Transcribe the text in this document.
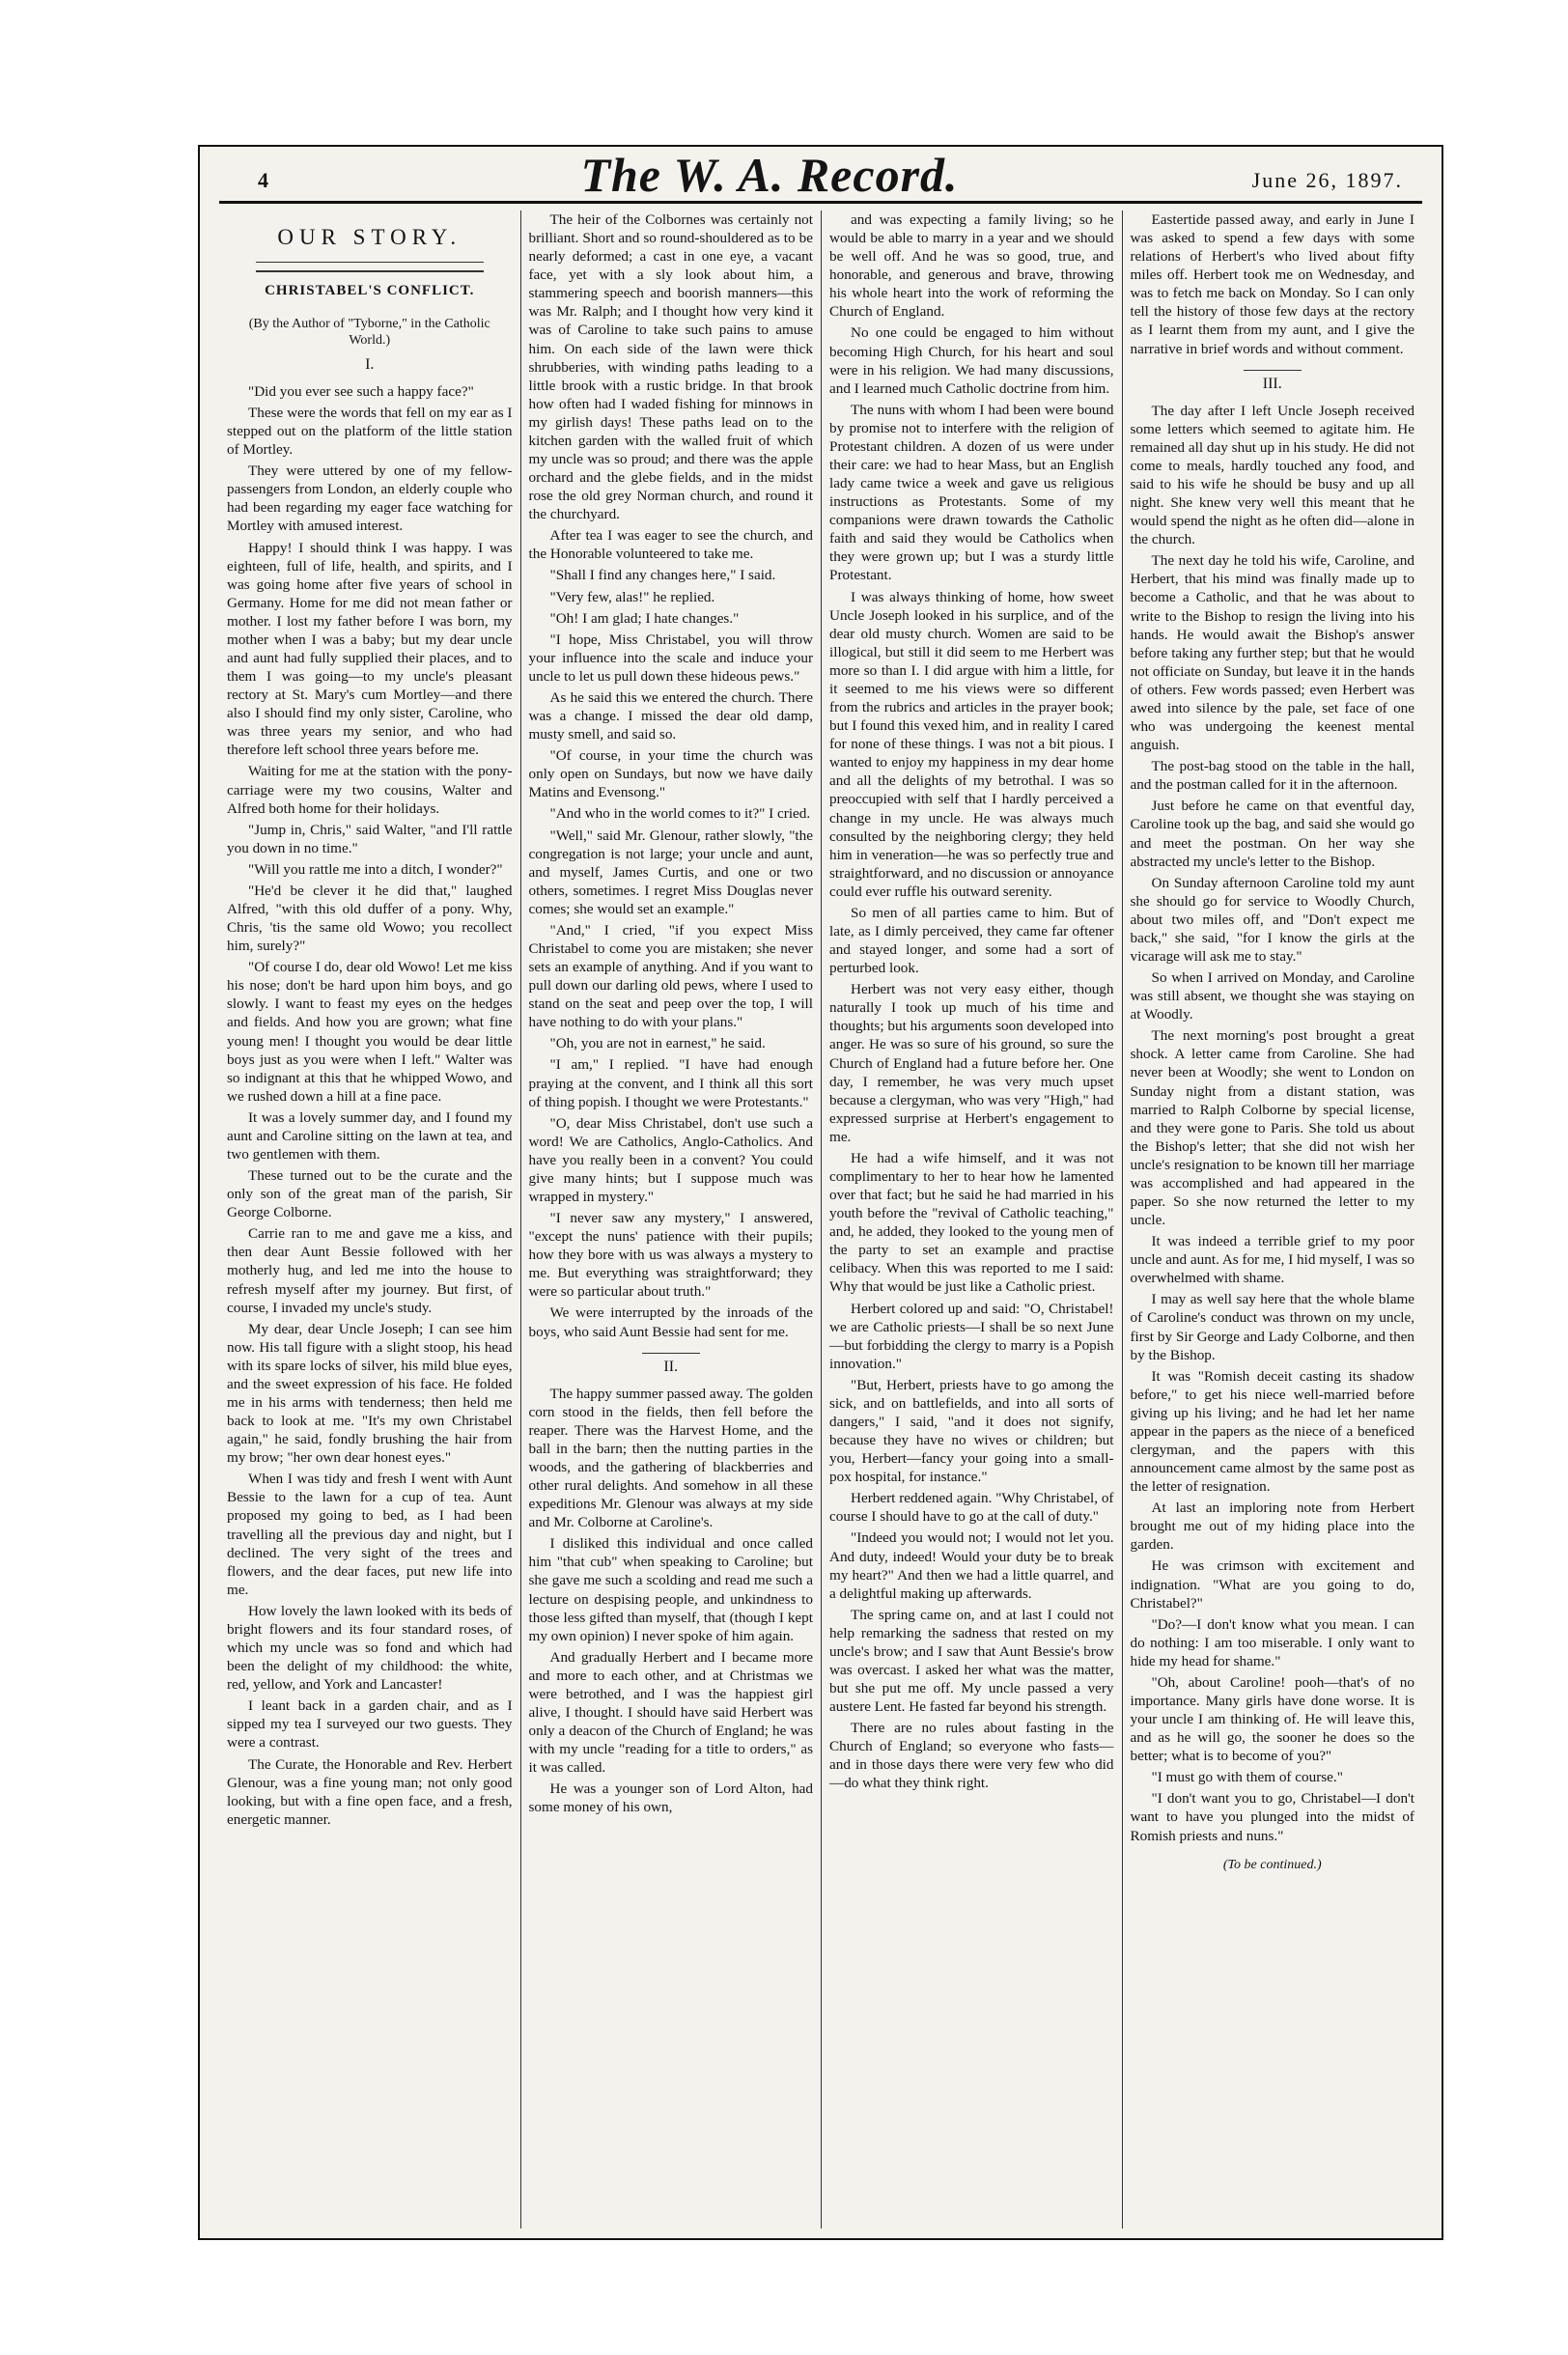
4	The W. A. Record.	June 26, 1897.
OUR STORY.
CHRISTABEL'S CONFLICT.
(By the Author of "Tyborne," in the Catholic World.)
I.

"Did you ever see such a happy face?"

These were the words that fell on my ear as I stepped out on the platform of the little station of Mortley.

They were uttered by one of my fellow-passengers from London, an elderly couple who had been regarding my eager face watching for Mortley with amused interest.

Happy! I should think I was happy. I was eighteen, full of life, health, and spirits, and I was going home after five years of school in Germany. Home for me did not mean father or mother. I lost my father before I was born, my mother when I was a baby; but my dear uncle and aunt had fully supplied their places, and to them I was going—to my uncle's pleasant rectory at St. Mary's cum Mortley—and there also I should find my only sister, Caroline, who was three years my senior, and who had therefore left school three years before me.

Waiting for me at the station with the pony-carriage were my two cousins, Walter and Alfred both home for their holidays.

"Jump in, Chris," said Walter, "and I'll rattle you down in no time."

"Will you rattle me into a ditch, I wonder?"

"He'd be clever it he did that," laughed Alfred, "with this old duffer of a pony. Why, Chris, 'tis the same old Wowo; you recollect him, surely?"

"Of course I do, dear old Wowo! Let me kiss his nose; don't be hard upon him boys, and go slowly. I want to feast my eyes on the hedges and fields. And how you are grown; what fine young men! I thought you would be dear little boys just as you were when I left." Walter was so indignant at this that he whipped Wowo, and we rushed down a hill at a fine pace.

It was a lovely summer day, and I found my aunt and Caroline sitting on the lawn at tea, and two gentlemen with them.

These turned out to be the curate and the only son of the great man of the parish, Sir George Colborne.

Carrie ran to me and gave me a kiss, and then dear Aunt Bessie followed with her motherly hug, and led me into the house to refresh myself after my journey. But first, of course, I invaded my uncle's study.

My dear, dear Uncle Joseph; I can see him now. His tall figure with a slight stoop, his head with its spare locks of silver, his mild blue eyes, and the sweet expression of his face. He folded me in his arms with tenderness; then held me back to look at me. "It's my own Christabel again," he said, fondly brushing the hair from my brow; "her own dear honest eyes."

When I was tidy and fresh I went with Aunt Bessie to the lawn for a cup of tea. Aunt proposed my going to bed, as I had been travelling all the previous day and night, but I declined. The very sight of the trees and flowers, and the dear faces, put new life into me.

How lovely the lawn looked with its beds of bright flowers and its four standard roses, of which my uncle was so fond and which had been the delight of my childhood: the white, red, yellow, and York and Lancaster!

I leant back in a garden chair, and as I sipped my tea I surveyed our two guests. They were a contrast.

The Curate, the Honorable and Rev. Herbert Glenour, was a fine young man; not only good looking, but with a fine open face, and a fresh, energetic manner.

The heir of the Colbornes was certainly not brilliant. Short and so round-shouldered as to be nearly deformed; a cast in one eye, a vacant face, yet with a sly look about him, a stammering speech and boorish manners—this was Mr. Ralph; and I thought how very kind it was of Caroline to take such pains to amuse him. On each side of the lawn were thick shrubberies, with winding paths leading to a little brook with a rustic bridge. In that brook how often had I waded fishing for minnows in my girlish days! These paths lead on to the kitchen garden with the walled fruit of which my uncle was so proud; and there was the apple orchard and the glebe fields, and in the midst rose the old grey Norman church, and round it the churchyard.

After tea I was eager to see the church, and the Honorable volunteered to take me.

"Shall I find any changes here," I said.

"Very few, alas!" he replied.

"Oh! I am glad; I hate changes."

"I hope, Miss Christabel, you will throw your influence into the scale and induce your uncle to let us pull down these hideous pews."

As he said this we entered the church. There was a change. I missed the dear old damp, musty smell, and said so.

"Of course, in your time the church was only open on Sundays, but now we have daily Matins and Evensong."

"And who in the world comes to it?" I cried.

"Well," said Mr. Glenour, rather slowly, "the congregation is not large; your uncle and aunt, and myself, James Curtis, and one or two others, sometimes. I regret Miss Douglas never comes; she would set an example."

"And," I cried, "if you expect Miss Christabel to come you are mistaken; she never sets an example of anything. And if you want to pull down our darling old pews, where I used to stand on the seat and peep over the top, I will have nothing to do with your plans."

"Oh, you are not in earnest," he said.

"I am," I replied. "I have had enough praying at the convent, and I think all this sort of thing popish. I thought we were Protestants."

"O, dear Miss Christabel, don't use such a word! We are Catholics, Anglo-Catholics. And have you really been in a convent? You could give many hints; but I suppose much was wrapped in mystery."

"I never saw any mystery," I answered, "except the nuns' patience with their pupils; how they bore with us was always a mystery to me. But everything was straightforward; they were so particular about truth."

We were interrupted by the inroads of the boys, who said Aunt Bessie had sent for me.

II.

The happy summer passed away. The golden corn stood in the fields, then fell before the reaper. There was the Harvest Home, and the ball in the barn; then the nutting parties in the woods, and the gathering of blackberries and other rural delights. And somehow in all these expeditions Mr. Glenour was always at my side and Mr. Colborne at Caroline's.

I disliked this individual and once called him "that cub" when speaking to Caroline; but she gave me such a scolding and read me such a lecture on despising people, and unkindness to those less gifted than myself, that (though I kept my own opinion) I never spoke of him again.

And gradually Herbert and I became more and more to each other, and at Christmas we were betrothed, and I was the happiest girl alive, I thought. I should have said Herbert was only a deacon of the Church of England; he was with my uncle "reading for a title to orders," as it was called.

He was a younger son of Lord Alton, had some money of his own,

and was expecting a family living; so he would be able to marry in a year and we should be well off. And he was so good, true, and honorable, and generous and brave, throwing his whole heart into the work of reforming the Church of England.

No one could be engaged to him without becoming High Church, for his heart and soul were in his religion. We had many discussions, and I learned much Catholic doctrine from him.

The nuns with whom I had been were bound by promise not to interfere with the religion of Protestant children. A dozen of us were under their care: we had to hear Mass, but an English lady came twice a week and gave us religious instructions as Protestants. Some of my companions were drawn towards the Catholic faith and said they would be Catholics when they were grown up; but I was a sturdy little Protestant.

I was always thinking of home, how sweet Uncle Joseph looked in his surplice, and of the dear old musty church. Women are said to be illogical, but still it did seem to me Herbert was more so than I. I did argue with him a little, for it seemed to me his views were so different from the rubrics and articles in the prayer book; but I found this vexed him, and in reality I cared for none of these things. I was not a bit pious. I wanted to enjoy my happiness in my dear home and all the delights of my betrothal. I was so preoccupied with self that I hardly perceived a change in my uncle. He was always much consulted by the neighboring clergy; they held him in veneration—he was so perfectly true and straightforward, and no discussion or annoyance could ever ruffle his outward serenity.

So men of all parties came to him. But of late, as I dimly perceived, they came far oftener and stayed longer, and some had a sort of perturbed look.

Herbert was not very easy either, though naturally I took up much of his time and thoughts; but his arguments soon developed into anger. He was so sure of his ground, so sure the Church of England had a future before her. One day, I remember, he was very much upset because a clergyman, who was very "High," had expressed surprise at Herbert's engagement to me.

He had a wife himself, and it was not complimentary to her to hear how he lamented over that fact; but he said he had married in his youth before the "revival of Catholic teaching," and, he added, they looked to the young men of the party to set an example and practise celibacy. When this was reported to me I said: Why that would be just like a Catholic priest.

Herbert colored up and said: "O, Christabel! we are Catholic priests—I shall be so next June—but forbidding the clergy to marry is a Popish innovation."

"But, Herbert, priests have to go among the sick, and on battlefields, and into all sorts of dangers," I said, "and it does not signify, because they have no wives or children; but you, Herbert—fancy your going into a small-pox hospital, for instance."

Herbert reddened again. "Why Christabel, of course I should have to go at the call of duty."

"Indeed you would not; I would not let you. And duty, indeed! Would your duty be to break my heart?" And then we had a little quarrel, and a delightful making up afterwards.

The spring came on, and at last I could not help remarking the sadness that rested on my uncle's brow; and I saw that Aunt Bessie's brow was overcast. I asked her what was the matter, but she put me off. My uncle passed a very austere Lent. He fasted far beyond his strength.

There are no rules about fasting in the Church of England; so everyone who fasts—and in those days there were very few who did—do what they think right.

Eastertide passed away, and early in June I was asked to spend a few days with some relations of Herbert's who lived about fifty miles off. Herbert took me on Wednesday, and was to fetch me back on Monday. So I can only tell the history of those few days at the rectory as I learnt them from my aunt, and I give the narrative in brief words and without comment.

III.

The day after I left Uncle Joseph received some letters which seemed to agitate him. He remained all day shut up in his study. He did not come to meals, hardly touched any food, and said to his wife he should be busy and up all night. She knew very well this meant that he would spend the night as he often did—alone in the church.

The next day he told his wife, Caroline, and Herbert, that his mind was finally made up to become a Catholic, and that he was about to write to the Bishop to resign the living into his hands. He would await the Bishop's answer before taking any further step; but that he would not officiate on Sunday, but leave it in the hands of others. Few words passed; even Herbert was awed into silence by the pale, set face of one who was undergoing the keenest mental anguish.

The post-bag stood on the table in the hall, and the postman called for it in the afternoon.

Just before he came on that eventful day, Caroline took up the bag, and said she would go and meet the postman. On her way she abstracted my uncle's letter to the Bishop.

On Sunday afternoon Caroline told my aunt she should go for service to Woodly Church, about two miles off, and "Don't expect me back," she said, "for I know the girls at the vicarage will ask me to stay."

So when I arrived on Monday, and Caroline was still absent, we thought she was staying on at Woodly.

The next morning's post brought a great shock. A letter came from Caroline. She had never been at Woodly; she went to London on Sunday night from a distant station, was married to Ralph Colborne by special license, and they were gone to Paris. She told us about the Bishop's letter; that she did not wish her uncle's resignation to be known till her marriage was accomplished and had appeared in the paper. So she now returned the letter to my uncle.

It was indeed a terrible grief to my poor uncle and aunt. As for me, I hid myself, I was so overwhelmed with shame.

I may as well say here that the whole blame of Caroline's conduct was thrown on my uncle, first by Sir George and Lady Colborne, and then by the Bishop.

It was "Romish deceit casting its shadow before," to get his niece well-married before giving up his living; and he had let her name appear in the papers as the niece of a beneficed clergyman, and the papers with this announcement came almost by the same post as the letter of resignation.

At last an imploring note from Herbert brought me out of my hiding place into the garden.

He was crimson with excitement and indignation. "What are you going to do, Christabel?"

"Do?—I don't know what you mean. I can do nothing: I am too miserable. I only want to hide my head for shame."

"Oh, about Caroline! pooh—that's of no importance. Many girls have done worse. It is your uncle I am thinking of. He will leave this, and as he will go, the sooner he does so the better; what is to become of you?"

"I must go with them of course."

"I don't want you to go, Christabel—I don't want to have you plunged into the midst of Romish priests and nuns."

(To be continued.)
